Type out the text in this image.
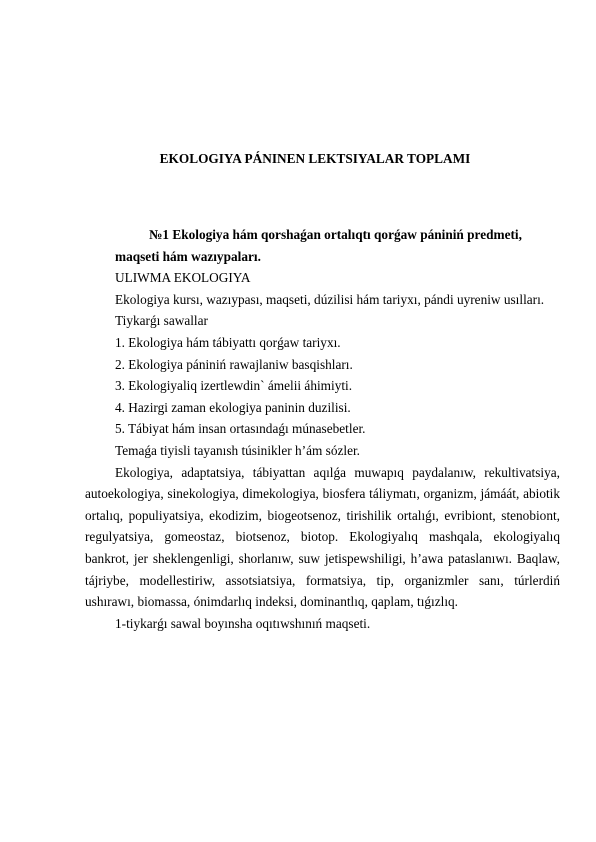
EKOLOGIYA PÁNINEN LEKTSIYALAR TOPLAMI

№1 Ekologiya hám qorshaǵan ortalıqtı qorǵaw pániniń predmeti,
maqseti hám wazıypaları.

ULIWMA EKOLOGIYA

Ekologiya kursı, wazıypası, maqseti, dúzilisi hám tariyxı, pándi uyreniw usılları.

Tiykarǵı sawallar

1. Ekologiya hám tábiyattı qorǵaw tariyxı.

2. Ekologiya pániniń rawajlaniw basqishları.

3. Ekologiyaliq izertlewdin` ámelii áhimiyti.

4. Hazirgi zaman ekologiya paninin duzilisi.

5. Tábiyat hám insan ortasındaǵı múnasebetler.

Temaǵa tiyisli tayanısh túsinikler h’ám sózler.

Ekologiya, adaptatsiya, tábiyattan aqılǵa muwapıq paydalanıw, rekultivatsiya, autoekologiya, sinekologiya, dimekologiya, biosfera táliymatı, organizm, jámáát, abiotik ortalıq, populiyatsiya, ekodizim, biogeotsenoz, tirishilik ortalıǵı, evribiont, stenobiont, regulyatsiya, gomeostaz, biotsenoz, biotop. Ekologiyalıq mashqala, ekologiyalıq bankrot, jer sheklengenligi, shorlanıw, suw jetispewshiligi, h’awa pataslanıwı. Baqlaw, tájriybe, modellestiriw, assotsiatsiya, formatsiya, tip, organizmler sanı, túrlerdiń ushırawı, biomassa, ónimdarlıq indeksi, dominantlıq, qaplam, tıǵızlıq.

1-tiykarǵı sawal boyınsha oqıtıwshınıń maqseti.
